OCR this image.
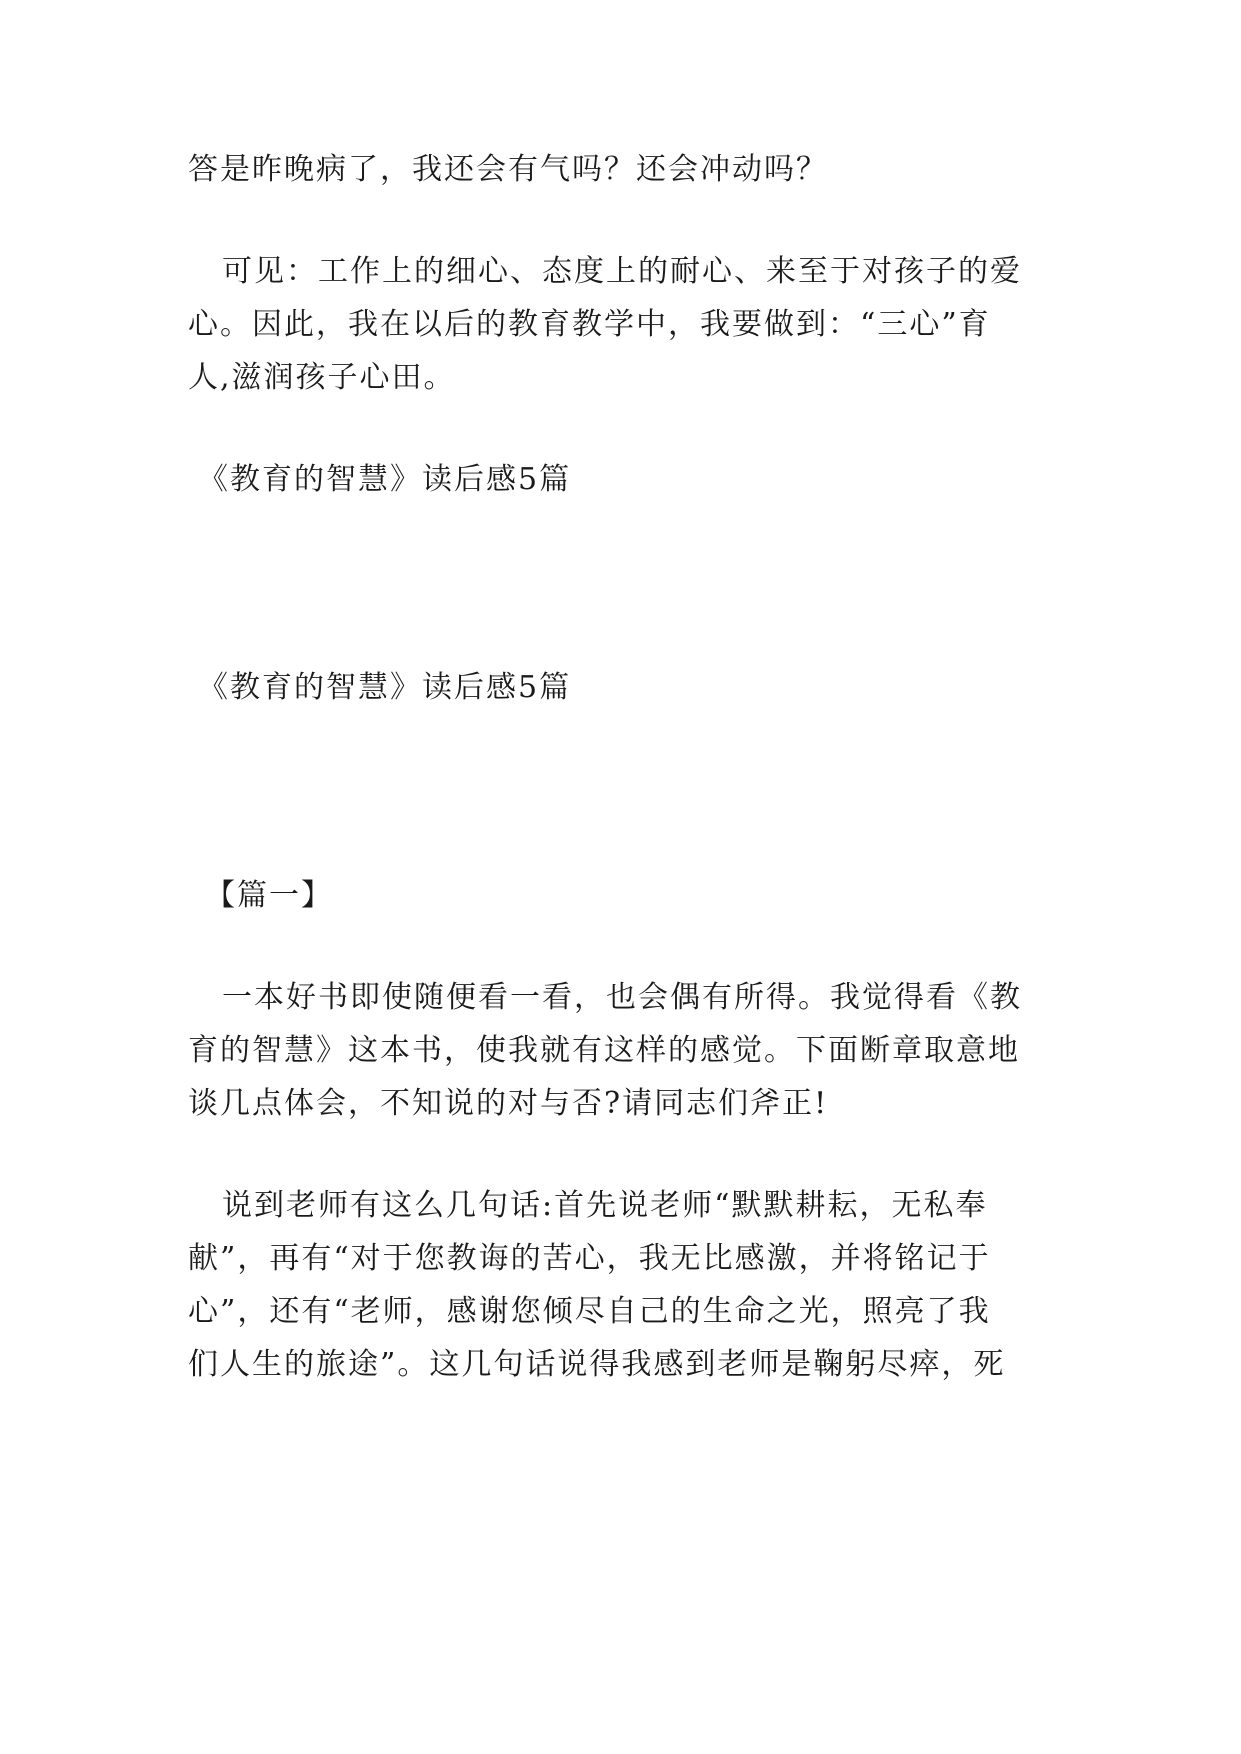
答是昨晚病了，我还会有气吗？还会冲动吗？
可见：工作上的细心、态度上的耐心、来至于对孩子的爱
心。因此，我在以后的教育教学中，我要做到：“三心”育
人,滋润孩子心田。
《教育的智慧》读后感5篇
《教育的智慧》读后感5篇
【篇一】
一本好书即使随便看一看，也会偶有所得。我觉得看《教
育的智慧》这本书，使我就有这样的感觉。下面断章取意地
谈几点体会，不知说的对与否?请同志们斧正!
说到老师有这么几句话:首先说老师“默默耕耘，无私奉
献”，再有“对于您教诲的苦心，我无比感激，并将铭记于
心”，还有“老师，感谢您倾尽自己的生命之光，照亮了我
们人生的旅途”。这几句话说得我感到老师是鞠躬尽瘁，死
